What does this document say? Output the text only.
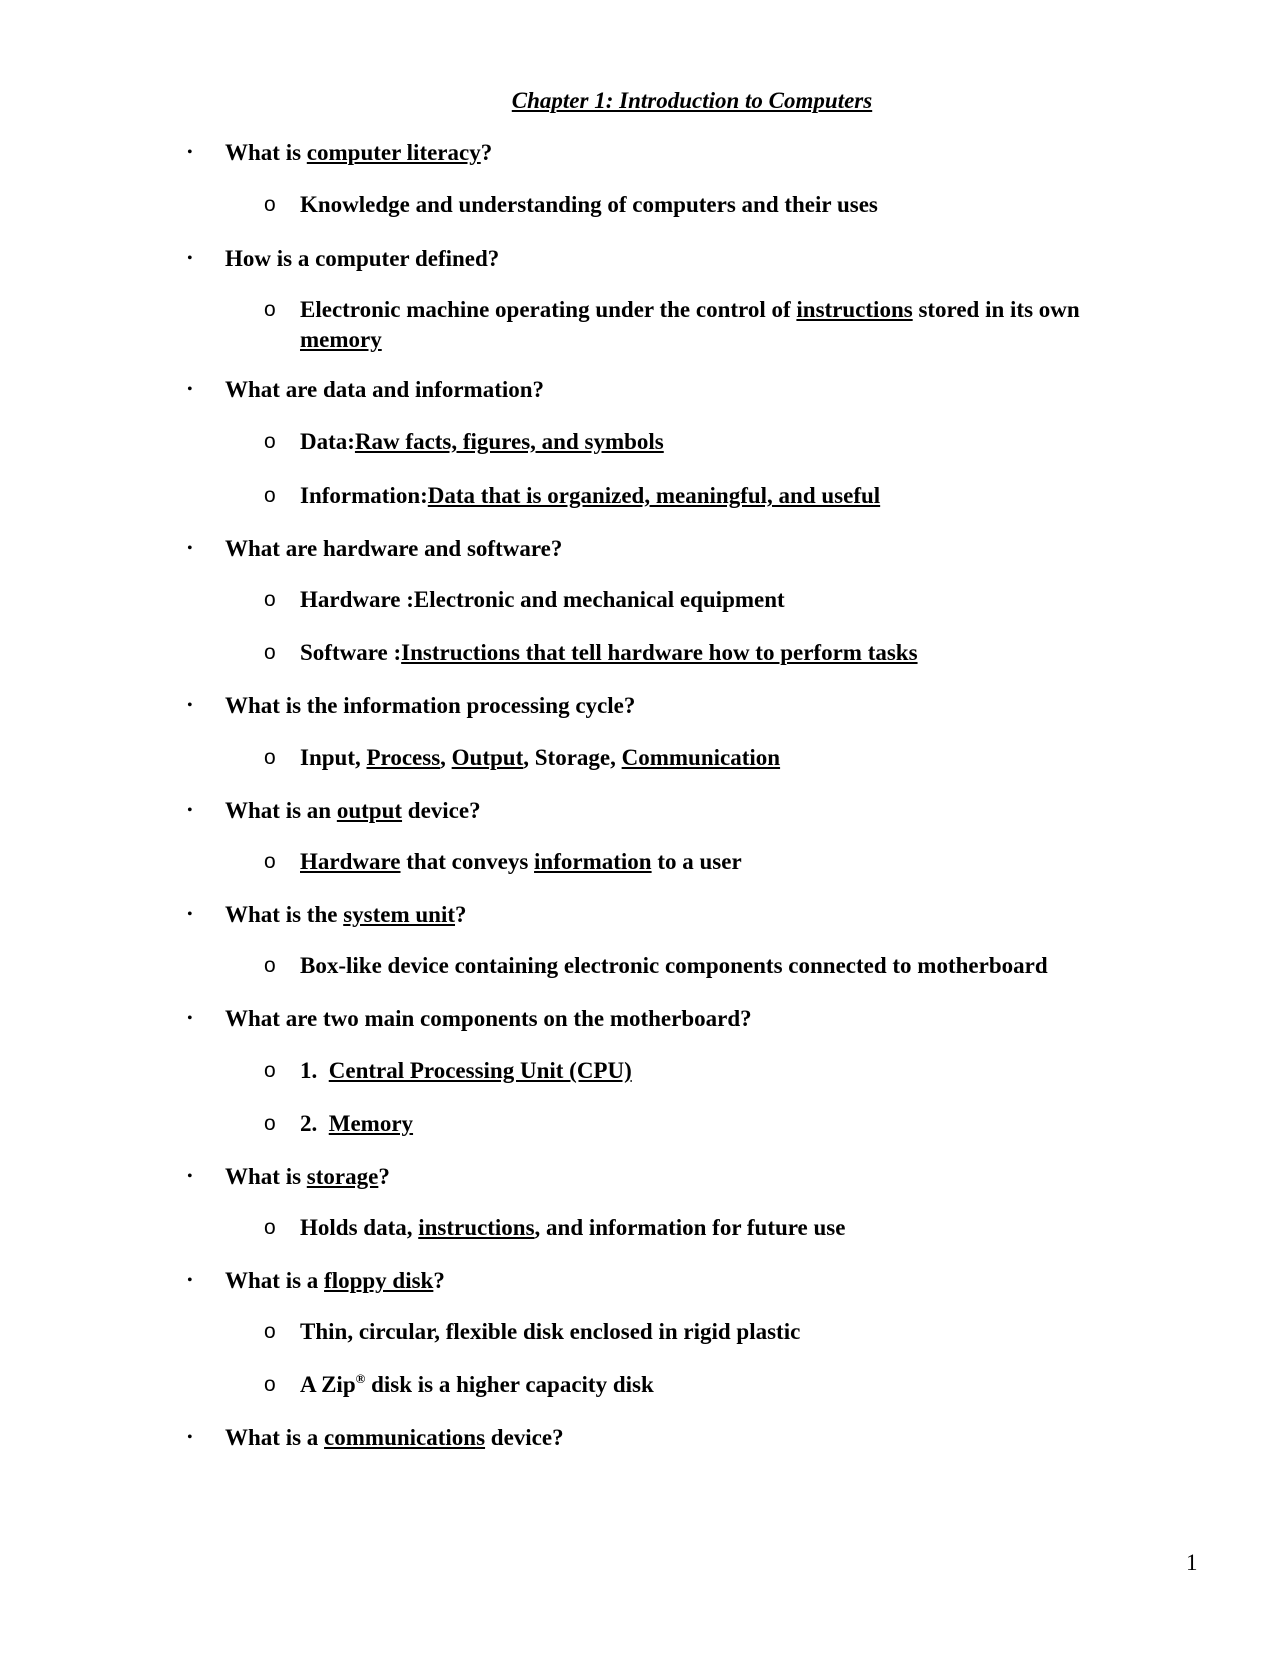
Chapter 1: Introduction to Computers
• What is computer literacy?
o Knowledge and understanding of computers and their uses
• How is a computer defined?
o Electronic machine operating under the control of instructions stored in its own memory
• What are data and information?
o Data:Raw facts, figures, and symbols
o Information:Data that is organized, meaningful, and useful
• What are hardware and software?
o Hardware :Electronic and mechanical equipment
o Software :Instructions that tell hardware how to perform tasks
• What is the information processing cycle?
o Input, Process, Output, Storage, Communication
• What is an output device?
o Hardware that conveys information to a user
• What is the system unit?
o Box-like device containing electronic components connected to motherboard
• What are two main components on the motherboard?
o 1.  Central Processing Unit (CPU)
o 2.  Memory
• What is storage?
o Holds data, instructions, and information for future use
• What is a floppy disk?
o Thin, circular, flexible disk enclosed in rigid plastic
o A Zip® disk is a higher capacity disk
• What is a communications device?
1
